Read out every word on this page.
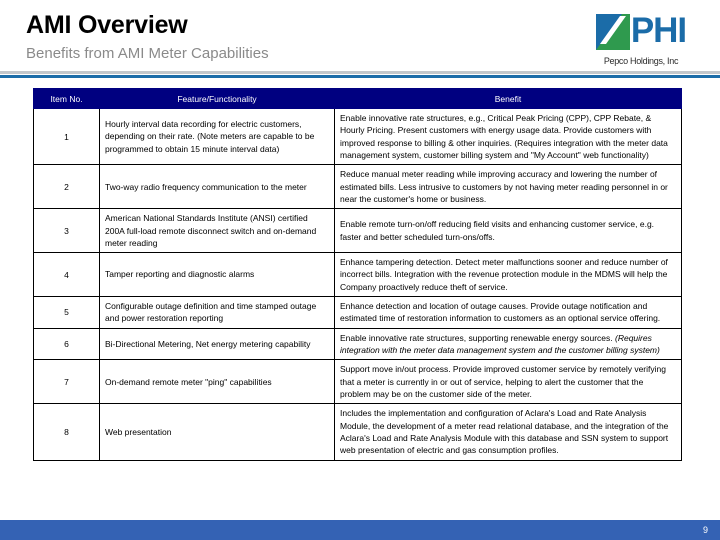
AMI Overview
Benefits from AMI Meter Capabilities
PHI
Pepco Holdings, Inc
Item No.	Feature/Functionality	Benefit
1	Hourly interval data recording for electric customers, depending on their rate. (Note meters are capable to be programmed to obtain 15 minute interval data)	Enable innovative rate structures, e.g., Critical Peak Pricing (CPP), CPP Rebate, & Hourly Pricing. Present customers with energy usage data. Provide customers with improved response to billing & other inquiries. (Requires integration with the meter data management system, customer billing system and "My Account" web functionality)
2	Two-way radio frequency communication to the meter	Reduce manual meter reading while improving accuracy and lowering the number of estimated bills. Less intrusive to customers by not having meter reading personnel in or near the customer's home or business.
3	American National Standards Institute (ANSI) certified 200A full-load remote disconnect switch and on-demand meter reading	Enable remote turn-on/off reducing field visits and enhancing customer service, e.g. faster and better scheduled turn-ons/offs.
4	Tamper reporting and diagnostic alarms	Enhance tampering detection. Detect meter malfunctions sooner and reduce number of incorrect bills. Integration with the revenue protection module in the MDMS will help the Company proactively reduce theft of service.
5	Configurable outage definition and time stamped outage and power restoration reporting	Enhance detection and location of outage causes. Provide outage notification and estimated time of restoration information to customers as an optional service offering.
6	Bi-Directional Metering, Net energy metering capability	Enable innovative rate structures, supporting renewable energy sources. (Requires integration with the meter data management system and the customer billing system)
7	On-demand remote meter "ping" capabilities	Support move in/out process. Provide improved customer service by remotely verifying that a meter is currently in or out of service, helping to alert the customer that the problem may be on the customer side of the meter.
8	Web presentation	Includes the implementation and configuration of Aclara's Load and Rate Analysis Module, the development of a meter read relational database, and the integration of the Aclara's Load and Rate Analysis Module with this database and SSN system to support web presentation of electric and gas consumption profiles.
9
